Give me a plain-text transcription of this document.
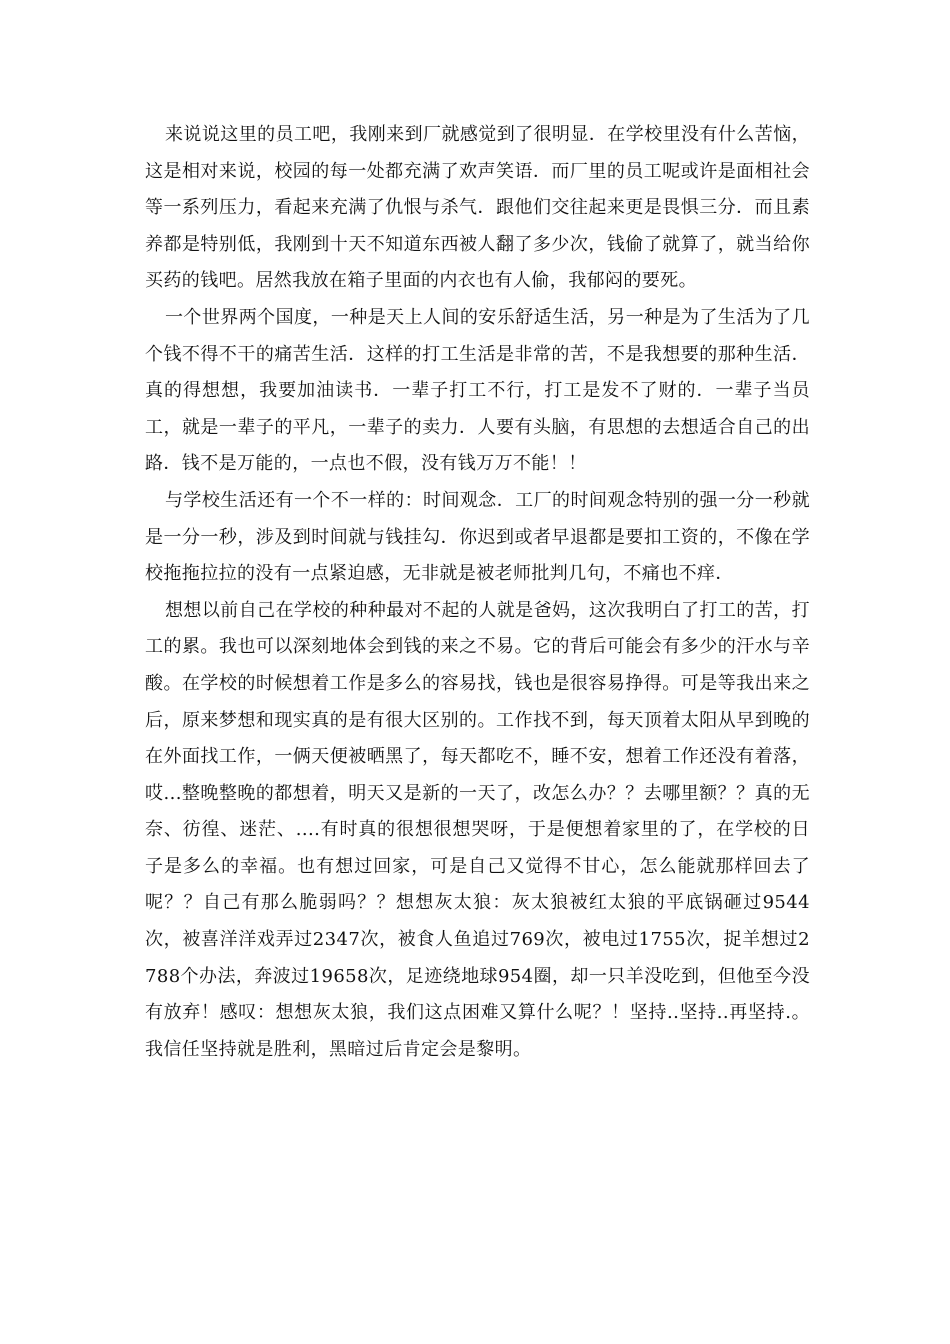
来说说这里的员工吧，我刚来到厂就感觉到了很明显．在学校里没有什么苦恼，这是相对来说，校园的每一处都充满了欢声笑语．而厂里的员工呢或许是面相社会等一系列压力，看起来充满了仇恨与杀气．跟他们交往起来更是畏惧三分．而且素养都是特别低，我刚到十天不知道东西被人翻了多少次，钱偷了就算了，就当给你买药的钱吧。居然我放在箱子里面的内衣也有人偷，我郁闷的要死。

一个世界两个国度，一种是天上人间的安乐舒适生活，另一种是为了生活为了几个钱不得不干的痛苦生活．这样的打工生活是非常的苦，不是我想要的那种生活．真的得想想，我要加油读书．一辈子打工不行，打工是发不了财的．一辈子当员工，就是一辈子的平凡，一辈子的卖力．人要有头脑，有思想的去想适合自己的出路．钱不是万能的，一点也不假，没有钱万万不能！！

与学校生活还有一个不一样的：时间观念．工厂的时间观念特别的强一分一秒就是一分一秒，涉及到时间就与钱挂勾．你迟到或者早退都是要扣工资的，不像在学校拖拖拉拉的没有一点紧迫感，无非就是被老师批判几句，不痛也不痒．

想想以前自己在学校的种种最对不起的人就是爸妈，这次我明白了打工的苦，打工的累。我也可以深刻地体会到钱的来之不易。它的背后可能会有多少的汗水与辛酸。在学校的时候想着工作是多么的容易找，钱也是很容易挣得。可是等我出来之后，原来梦想和现实真的是有很大区别的。工作找不到，每天顶着太阳从早到晚的在外面找工作，一俩天便被晒黑了，每天都吃不，睡不安，想着工作还没有着落，哎...整晚整晚的都想着，明天又是新的一天了，改怎么办？？去哪里额？？真的无奈、彷徨、迷茫、....有时真的很想很想哭呀，于是便想着家里的了，在学校的日子是多么的幸福。也有想过回家，可是自己又觉得不甘心，怎么能就那样回去了呢？？自己有那么脆弱吗？？想想灰太狼：灰太狼被红太狼的平底锅砸过9544次，被喜洋洋戏弄过2347次，被食人鱼追过769次，被电过1755次，捉羊想过2788个办法，奔波过19658次，足迹绕地球954圈，却一只羊没吃到，但他至今没有放弃！感叹：想想灰太狼，我们这点困难又算什么呢？！坚持..坚持..再坚持.。我信任坚持就是胜利，黑暗过后肯定会是黎明。
